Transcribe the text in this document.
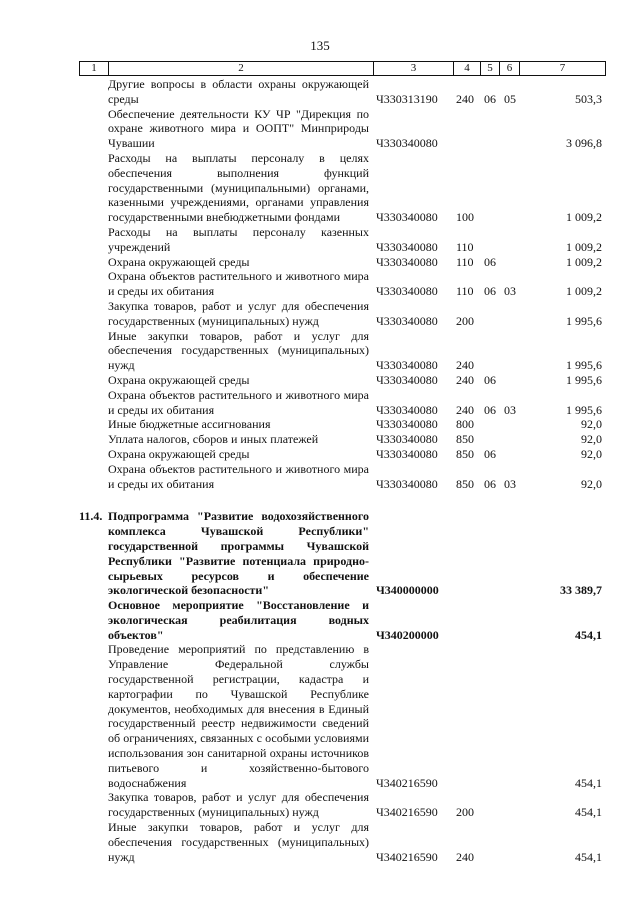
135
1	2	3	4	5	6	7
Другие вопросы в области охраны окружающей среды	Ч330313190	240 06 05	503,3
Обеспечение деятельности КУ ЧР "Дирекция по охране животного мира и ООПТ" Минприроды Чувашии	Ч330340080	3 096,8
Расходы на выплаты персоналу в целях обеспечения выполнения функций государственными (муниципальными) органами, казенными учреждениями, органами управления государственными внебюджетными фондами	Ч330340080	100	1 009,2
Расходы на выплаты персоналу казенных учреждений	Ч330340080	110	1 009,2
Охрана окружающей среды	Ч330340080	110 06	1 009,2
Охрана объектов растительного и животного мира и среды их обитания	Ч330340080	110 06 03	1 009,2
Закупка товаров, работ и услуг для обеспечения государственных (муниципальных) нужд	Ч330340080	200	1 995,6
Иные закупки товаров, работ и услуг для обеспечения государственных (муниципальных) нужд	Ч330340080	240	1 995,6
Охрана окружающей среды	Ч330340080	240 06	1 995,6
Охрана объектов растительного и животного мира и среды их обитания	Ч330340080	240 06 03	1 995,6
Иные бюджетные ассигнования	Ч330340080	800	92,0
Уплата налогов, сборов и иных платежей	Ч330340080	850	92,0
Охрана окружающей среды	Ч330340080	850 06	92,0
Охрана объектов растительного и животного мира и среды их обитания	Ч330340080	850 06 03	92,0
11.4. Подпрограмма "Развитие водохозяйственного комплекса Чувашской Республики" государственной программы Чувашской Республики "Развитие потенциала природно-сырьевых ресурсов и обеспечение экологической безопасности"	Ч340000000	33 389,7
Основное мероприятие "Восстановление и экологическая реабилитация водных объектов"	Ч340200000	454,1
Проведение мероприятий по представлению в Управление Федеральной службы государственной регистрации, кадастра и картографии по Чувашской Республике документов, необходимых для внесения в Единый государственный реестр недвижимости сведений об ограничениях, связанных с особыми условиями использования зон санитарной охраны источников питьевого и хозяйственно-бытового водоснабжения	Ч340216590	454,1
Закупка товаров, работ и услуг для обеспечения государственных (муниципальных) нужд	Ч340216590	200	454,1
Иные закупки товаров, работ и услуг для обеспечения государственных (муниципальных) нужд	Ч340216590	240	454,1
